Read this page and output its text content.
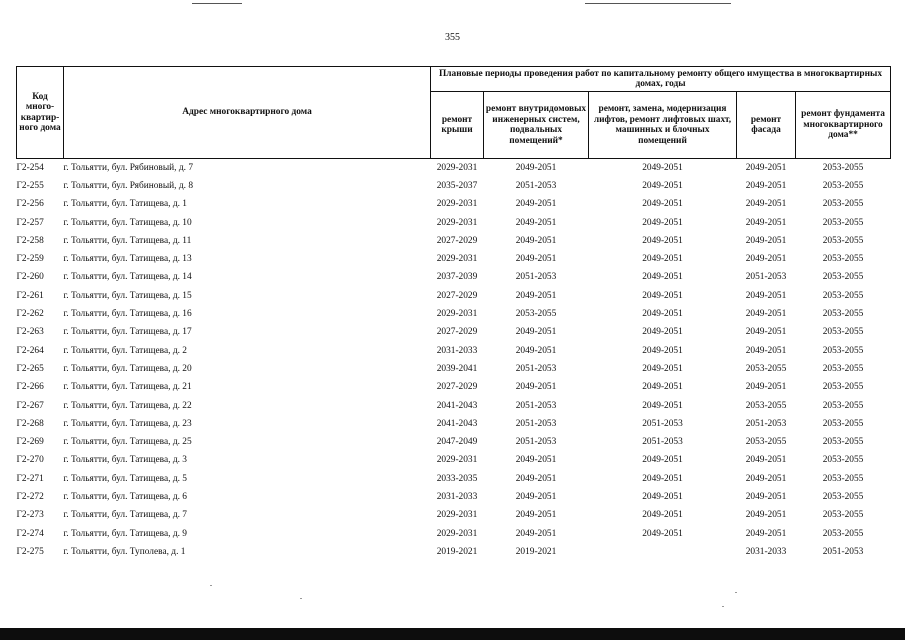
355
Код много-квартир-ного дома	Адрес многоквартирного дома	Плановые периоды проведения работ по капитальному ремонту общего имущества в многоквартирных домах, годы				
		ремонт крыши	ремонт внутридомовых инженерных систем, подвальных помещений*	ремонт, замена, модернизация лифтов, ремонт лифтовых шахт, машинных и блочных помещений	ремонт фасада	ремонт фундамента многоквартирного дома**
Г2-254	г. Тольятти, бул. Рябиновый, д. 7	2029-2031	2049-2051	2049-2051	2049-2051	2053-2055
Г2-255	г. Тольятти, бул. Рябиновый, д. 8	2035-2037	2051-2053	2049-2051	2049-2051	2053-2055
Г2-256	г. Тольятти, бул. Татищева, д. 1	2029-2031	2049-2051	2049-2051	2049-2051	2053-2055
Г2-257	г. Тольятти, бул. Татищева, д. 10	2029-2031	2049-2051	2049-2051	2049-2051	2053-2055
Г2-258	г. Тольятти, бул. Татищева, д. 11	2027-2029	2049-2051	2049-2051	2049-2051	2053-2055
Г2-259	г. Тольятти, бул. Татищева, д. 13	2029-2031	2049-2051	2049-2051	2049-2051	2053-2055
Г2-260	г. Тольятти, бул. Татищева, д. 14	2037-2039	2051-2053	2049-2051	2051-2053	2053-2055
Г2-261	г. Тольятти, бул. Татищева, д. 15	2027-2029	2049-2051	2049-2051	2049-2051	2053-2055
Г2-262	г. Тольятти, бул. Татищева, д. 16	2029-2031	2053-2055	2049-2051	2049-2051	2053-2055
Г2-263	г. Тольятти, бул. Татищева, д. 17	2027-2029	2049-2051	2049-2051	2049-2051	2053-2055
Г2-264	г. Тольятти, бул. Татищева, д. 2	2031-2033	2049-2051	2049-2051	2049-2051	2053-2055
Г2-265	г. Тольятти, бул. Татищева, д. 20	2039-2041	2051-2053	2049-2051	2053-2055	2053-2055
Г2-266	г. Тольятти, бул. Татищева, д. 21	2027-2029	2049-2051	2049-2051	2049-2051	2053-2055
Г2-267	г. Тольятти, бул. Татищева, д. 22	2041-2043	2051-2053	2049-2051	2053-2055	2053-2055
Г2-268	г. Тольятти, бул. Татищева, д. 23	2041-2043	2051-2053	2051-2053	2051-2053	2053-2055
Г2-269	г. Тольятти, бул. Татищева, д. 25	2047-2049	2051-2053	2051-2053	2053-2055	2053-2055
Г2-270	г. Тольятти, бул. Татищева, д. 3	2029-2031	2049-2051	2049-2051	2049-2051	2053-2055
Г2-271	г. Тольятти, бул. Татищева, д. 5	2033-2035	2049-2051	2049-2051	2049-2051	2053-2055
Г2-272	г. Тольятти, бул. Татищева, д. 6	2031-2033	2049-2051	2049-2051	2049-2051	2053-2055
Г2-273	г. Тольятти, бул. Татищева, д. 7	2029-2031	2049-2051	2049-2051	2049-2051	2053-2055
Г2-274	г. Тольятти, бул. Татищева, д. 9	2029-2031	2049-2051	2049-2051	2049-2051	2053-2055
Г2-275	г. Тольятти, бул. Туполева, д. 1	2019-2021	2019-2021		2031-2033	2051-2053
